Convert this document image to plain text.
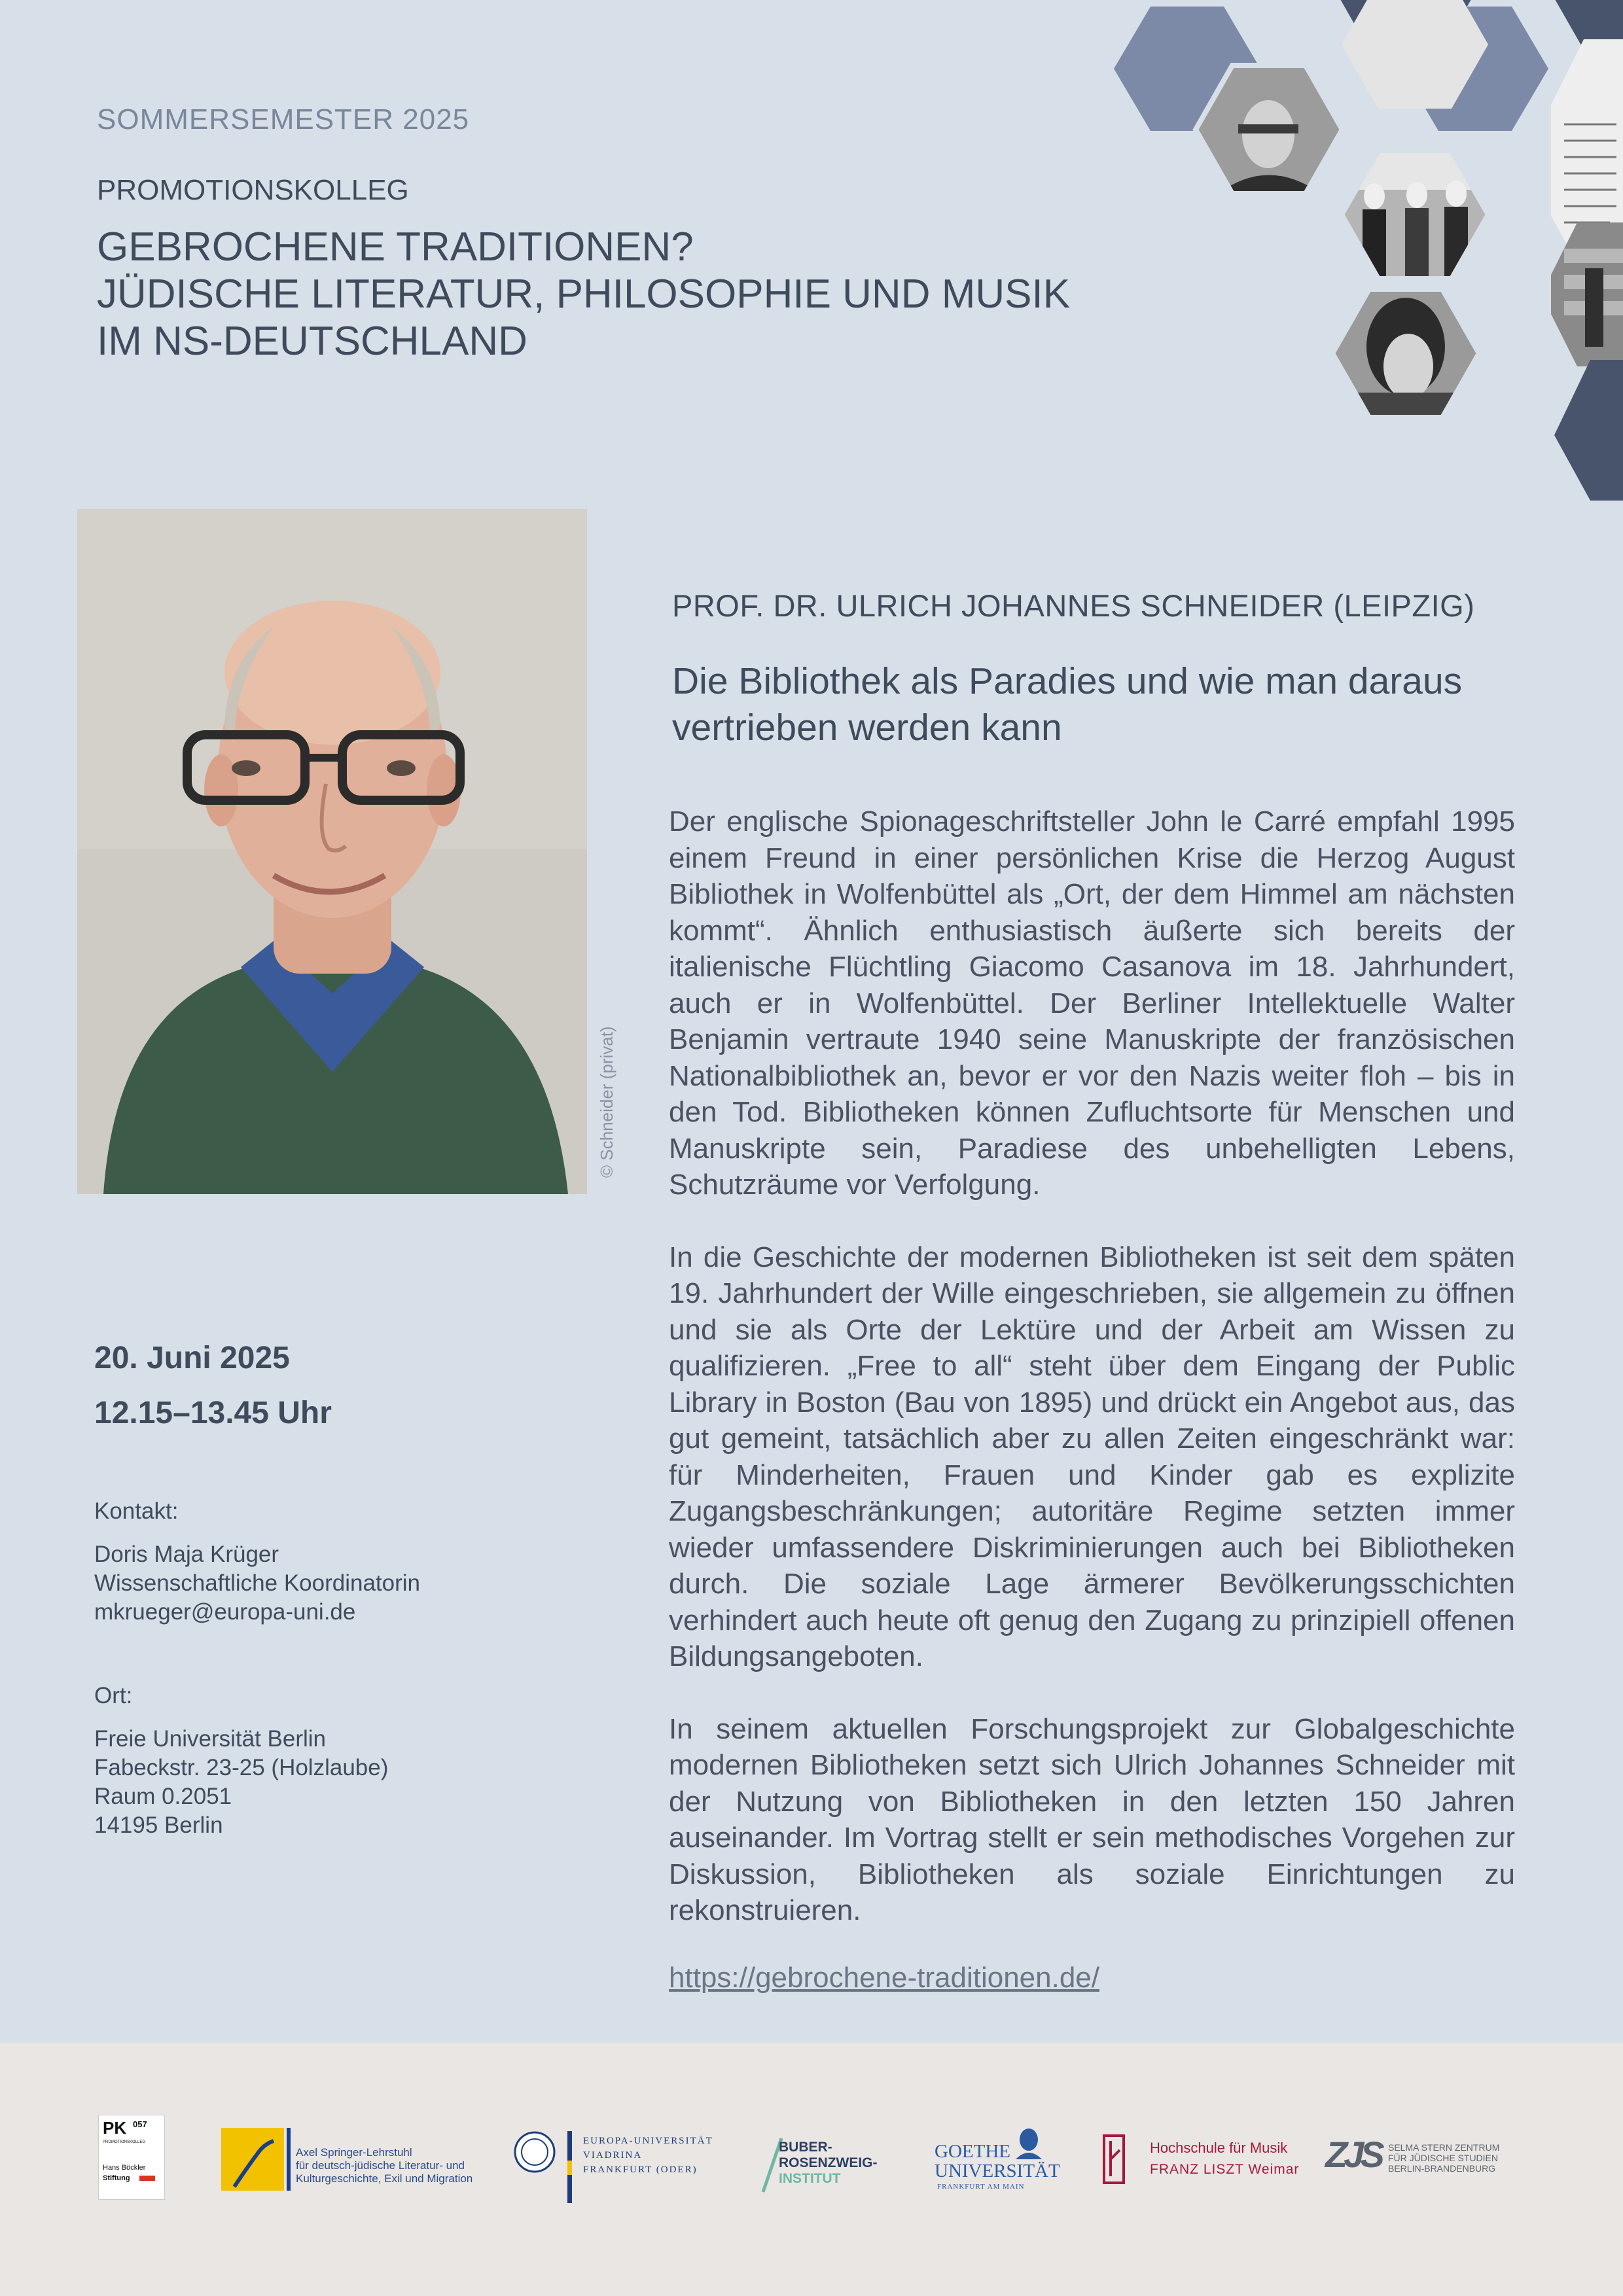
SOMMERSEMESTER 2025
PROMOTIONSKOLLEG
GEBROCHENE TRADITIONEN?
JÜDISCHE LITERATUR, PHILOSOPHIE UND MUSIK
IM NS-DEUTSCHLAND
© Schneider (privat)
PROF. DR. ULRICH JOHANNES SCHNEIDER (LEIPZIG)
Die Bibliothek als Paradies und wie man daraus
vertrieben werden kann

Der englische Spionageschriftsteller John le Carré empfahl 1995 einem Freund in einer persönlichen Krise die Herzog August Bibliothek in Wolfenbüttel als „Ort, der dem Himmel am nächsten kommt“. Ähnlich enthusiastisch äußerte sich bereits der italienische Flüchtling Giacomo Casanova im 18. Jahrhundert, auch er in Wolfenbüttel. Der Berliner Intellektuelle Walter Benjamin vertraute 1940 seine Manuskripte der französischen Nationalbibliothek an, bevor er vor den Nazis weiter floh – bis in den Tod. Bibliotheken können Zufluchtsorte für Menschen und Manuskripte sein, Paradiese des unbehelligten Lebens, Schutzräume vor Verfolgung.

In die Geschichte der modernen Bibliotheken ist seit dem späten 19. Jahrhundert der Wille eingeschrieben, sie allgemein zu öffnen und sie als Orte der Lektüre und der Arbeit am Wissen zu qualifizieren. „Free to all“ steht über dem Eingang der Public Library in Boston (Bau von 1895) und drückt ein Angebot aus, das gut gemeint, tatsächlich aber zu allen Zeiten eingeschränkt war: für Minderheiten, Frauen und Kinder gab es explizite Zugangsbeschränkungen; autoritäre Regime setzten immer wieder umfassendere Diskriminierungen auch bei Bibliotheken durch. Die soziale Lage ärmerer Bevölkerungsschichten verhindert auch heute oft genug den Zugang zu prinzipiell offenen Bildungsangeboten.

In seinem aktuellen Forschungsprojekt zur Globalgeschichte modernen Bibliotheken setzt sich Ulrich Johannes Schneider mit der Nutzung von Bibliotheken in den letzten 150 Jahren auseinander. Im Vortrag stellt er sein methodisches Vorgehen zur Diskussion, Bibliotheken als soziale Einrichtungen zu rekonstruieren.

https://gebrochene-traditionen.de/
20. Juni 2025
12.15–13.45 Uhr
Kontakt:
Doris Maja Krüger
Wissenschaftliche Koordinatorin
mkrueger@europa-uni.de
Ort:
Freie Universität Berlin
Fabeckstr. 23-25 (Holzlaube)
Raum 0.2051
14195 Berlin
PK 057
PROMOTIONSKOLLEG
Hans Böckler
Stiftung
Axel Springer-Lehrstuhl
für deutsch-jüdische Literatur- und
Kulturgeschichte, Exil und Migration
EUROPA-UNIVERSITÄT
VIADRINA
FRANKFURT (ODER)
BUBER-
ROSENZWEIG-
INSTITUT
GOETHE
UNIVERSITÄT
FRANKFURT AM MAIN
Hochschule für Musik
FRANZ LISZT Weimar ZJS SELMA STERN ZENTRUM
FÜR JÜDISCHE STUDIEN
BERLIN-BRANDENBURG
